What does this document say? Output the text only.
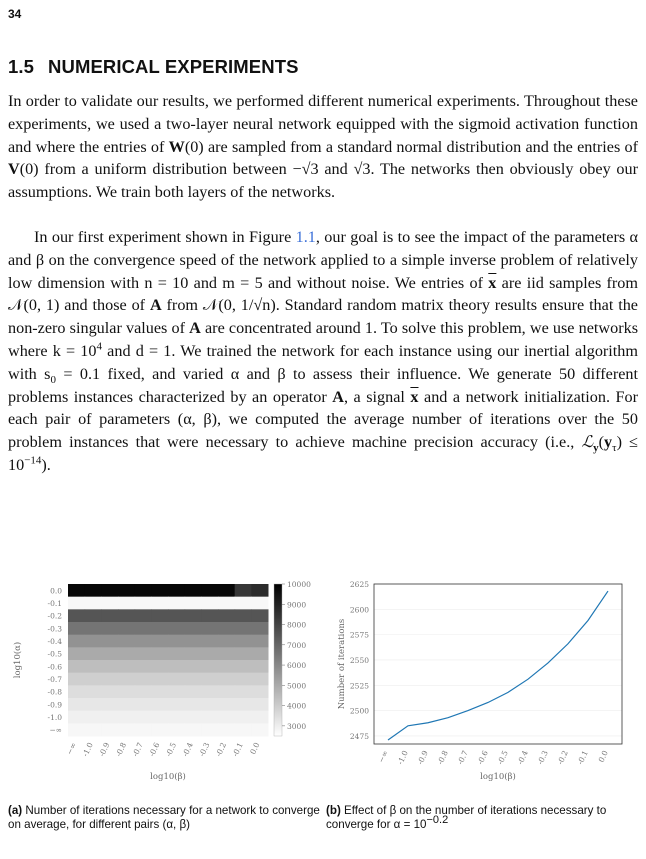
34
1.5 NUMERICAL EXPERIMENTS

In order to validate our results, we performed different numerical experiments. Throughout these experiments, we used a two-layer neural network equipped with the sigmoid activation function and where the entries of W(0) are sampled from a standard normal distribution and the entries of V(0) from a uniform distribution between −√3 and √3. The networks then obviously obey our assumptions. We train both layers of the networks.

In our first experiment shown in Figure 1.1, our goal is to see the impact of the parameters α and β on the convergence speed of the network applied to a simple inverse problem of relatively low dimension with n = 10 and m = 5 and without noise. We entries of $\overline{x}$ are iid samples from 𝒩(0, 1) and those of A from 𝒩(0, 1/√n). Standard random matrix theory results ensure that the non-zero singular values of A are concentrated around 1. To solve this problem, we use networks where $k = 10^4$ and d = 1. We trained the network for each instance using our inertial algorithm with $s_0 = 0.1$ fixed, and varied α and β to assess their influence. We generate 50 different problems instances characterized by an operator A, a signal $\overline{x}$ and a network initialization. For each pair of parameters (α, β), we computed the average number of iterations over the 50 problem instances that were necessary to achieve machine precision accuracy (i.e., $ℒ_y(y_\tau) \le 10^{-14}$).

0.0
-0.1
-0.2
-0.3
-0.4
-0.5
-0.6
-0.7
-0.8
-0.9
-1.0
−∞
−∞ -1.0 -0.9 -0.8 -0.7 -0.6 -0.5 -0.4 -0.3 -0.2 -0.1 0.0
10000
9000
8000
7000
6000
5000
4000
3000
log10(β)
log10(α)
2475
2500
2525
2550
2575
2600
2625
−∞ -1.0 -0.9 -0.8 -0.7 -0.6 -0.5 -0.4 -0.3 -0.2 -0.1 0.0
log10(β)
Number of iterations
(a) Number of iterations necessary for a network to converge on average, for different pairs (α, β)
(b) Effect of β on the number of iterations necessary to converge for $\alpha = 10^{-0.2}$
